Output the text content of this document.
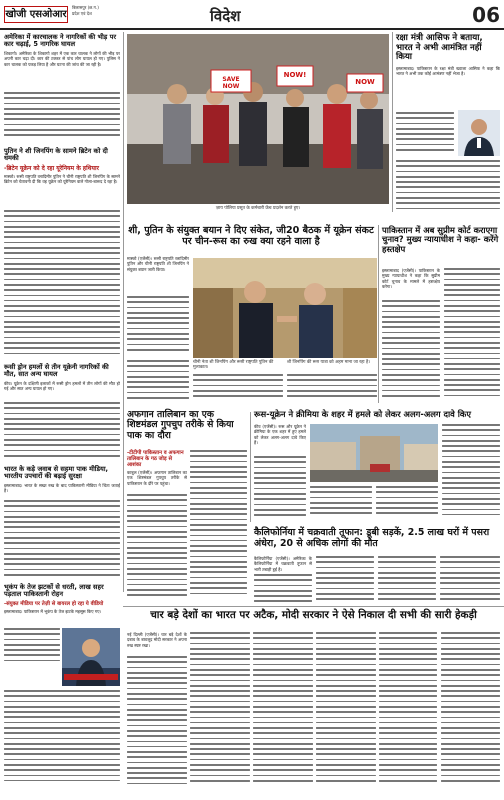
खोजी एसओआर
बिलासपुर (छ.ग.)
प्रदेश एवं देश	विदेश	06
अमेरिका में कारचालक ने नागरिकों की भीड़ पर कार चढ़ाई, 5 नागरिक घायल
शिकागो। अमेरिका के शिकागो शहर में एक कार चालक ने लोगों की भीड़ पर अपनी कार चढ़ा दी। कार की टक्कर से पांच लोग घायल हो गए। पुलिस ने कार चालक को पकड़ लिया है और घटना की जांच की जा रही है।
पुतिन ने शी जिनपिंग के सामने ब्रिटेन को दी धमकी
-ब्रिटेन यूक्रेन को दे रहा यूरेनियम के हथियार
मास्को। रूसी राष्ट्रपति व्लादिमीर पुतिन ने चीनी राष्ट्रपति शी जिनपिंग के सामने ब्रिटेन को चेतावनी दी कि वह यूक्रेन को यूरेनियम वाले गोला-बारूद दे रहा है।
रूसी ड्रोन हमलों से तीन यूक्रेनी नागरिकों की मौत, सात अन्य घायल
कीव। यूक्रेन के दक्षिणी इलाकों में रूसी ड्रोन हमलों में तीन लोगों की मौत हो गई और सात अन्य घायल हो गए।
भारत के कड़े जवाब से सहमा पाक मीडिया, भारतीय उपचारों की बढ़ाई सुरक्षा
इस्लामाबाद। भारत के सख्त रुख के बाद पाकिस्तानी मीडिया ने चिंता जताई है।
भूकंप के तेज झटकों से धरती, लाख सहर पड़ताल पाकिस्तानी रोहन
-संयुक्त मीडिया पर तेज़ी से बायरल हो रहा ये वीडियो
इस्लामाबाद। पाकिस्तान में भूकंप के तेज झटके महसूस किए गए।
SAVE NOW
NOW!
NOW
ज़ाय पोलिया प्रसूत के कर्मचारी फ्रेंच प्रदर्शन करते हुए।
रक्षा मंत्री आसिफ ने बताया, भारत ने अभी आमंत्रित नहीं किया
इस्लामाबाद। पाकिस्तान के रक्षा मंत्री ख्वाजा आसिफ ने कहा कि भारत ने अभी तक कोई आमंत्रण नहीं भेजा है।
शी, पुतिन के संयुक्त बयान ने दिए संकेत, जी20 बैठक में यूक्रेन संकट पर चीन-रूस का रुख क्या रहने वाला है
मास्को (एजेंसी)। रूसी राष्ट्रपति व्लादिमीर पुतिन और चीनी राष्ट्रपति शी जिनपिंग ने संयुक्त बयान जारी किया।
चीनी नेता शी जिनपिंग और रूसी राष्ट्रपति पुतिन की मुलाकात।
शी जिनपिंग की रूस यात्रा को अहम माना जा रहा है।
पाकिस्तान में अब सुप्रीम कोर्ट कराएगा चुनाव? मुख्य न्यायाधीश ने कहा- करेंगे हस्तक्षेप
इस्लामाबाद (एजेंसी)। पाकिस्तान के मुख्य न्यायाधीश ने कहा कि सुप्रीम कोर्ट चुनाव के मामले में हस्तक्षेप करेगा।
अफगान तालिबान का एक शिष्टमंडल गुपचुप तरीके से किया पाक का दौरा
-टीटीपी पाकिस्तान व अफगान तालिबान के गठ जोड़ से आशंका
काबुल (एजेंसी)। अफगान तालिबान का एक शिष्टमंडल गुपचुप तरीके से पाकिस्तान के दौरे पर पहुंचा।
रूस-यूक्रेन ने क्रीमिया के शहर में हमले को लेकर अलग-अलग दावे किए
कीव (एजेंसी)। रूस और यूक्रेन ने क्रीमिया के एक शहर में हुए हमले को लेकर अलग-अलग दावे किए हैं।
कैलिफोर्निया में चक्रवाती तूफान: डूबी सड़कें, 2.5 लाख घरों में पसरा अंधेरा, 20 से अधिक लोगों की मौत
कैलिफोर्निया (एजेंसी)। अमेरिका के कैलिफोर्निया में चक्रवाती तूफान से भारी तबाही हुई है।
चार बड़े देशों का भारत पर अटैक, मोदी सरकार ने ऐसे निकाल दी सभी की सारी हेकड़ी
नई दिल्ली (एजेंसी)। चार बड़े देशों के दबाव के बावजूद मोदी सरकार ने अपना रुख स्पष्ट रखा।
